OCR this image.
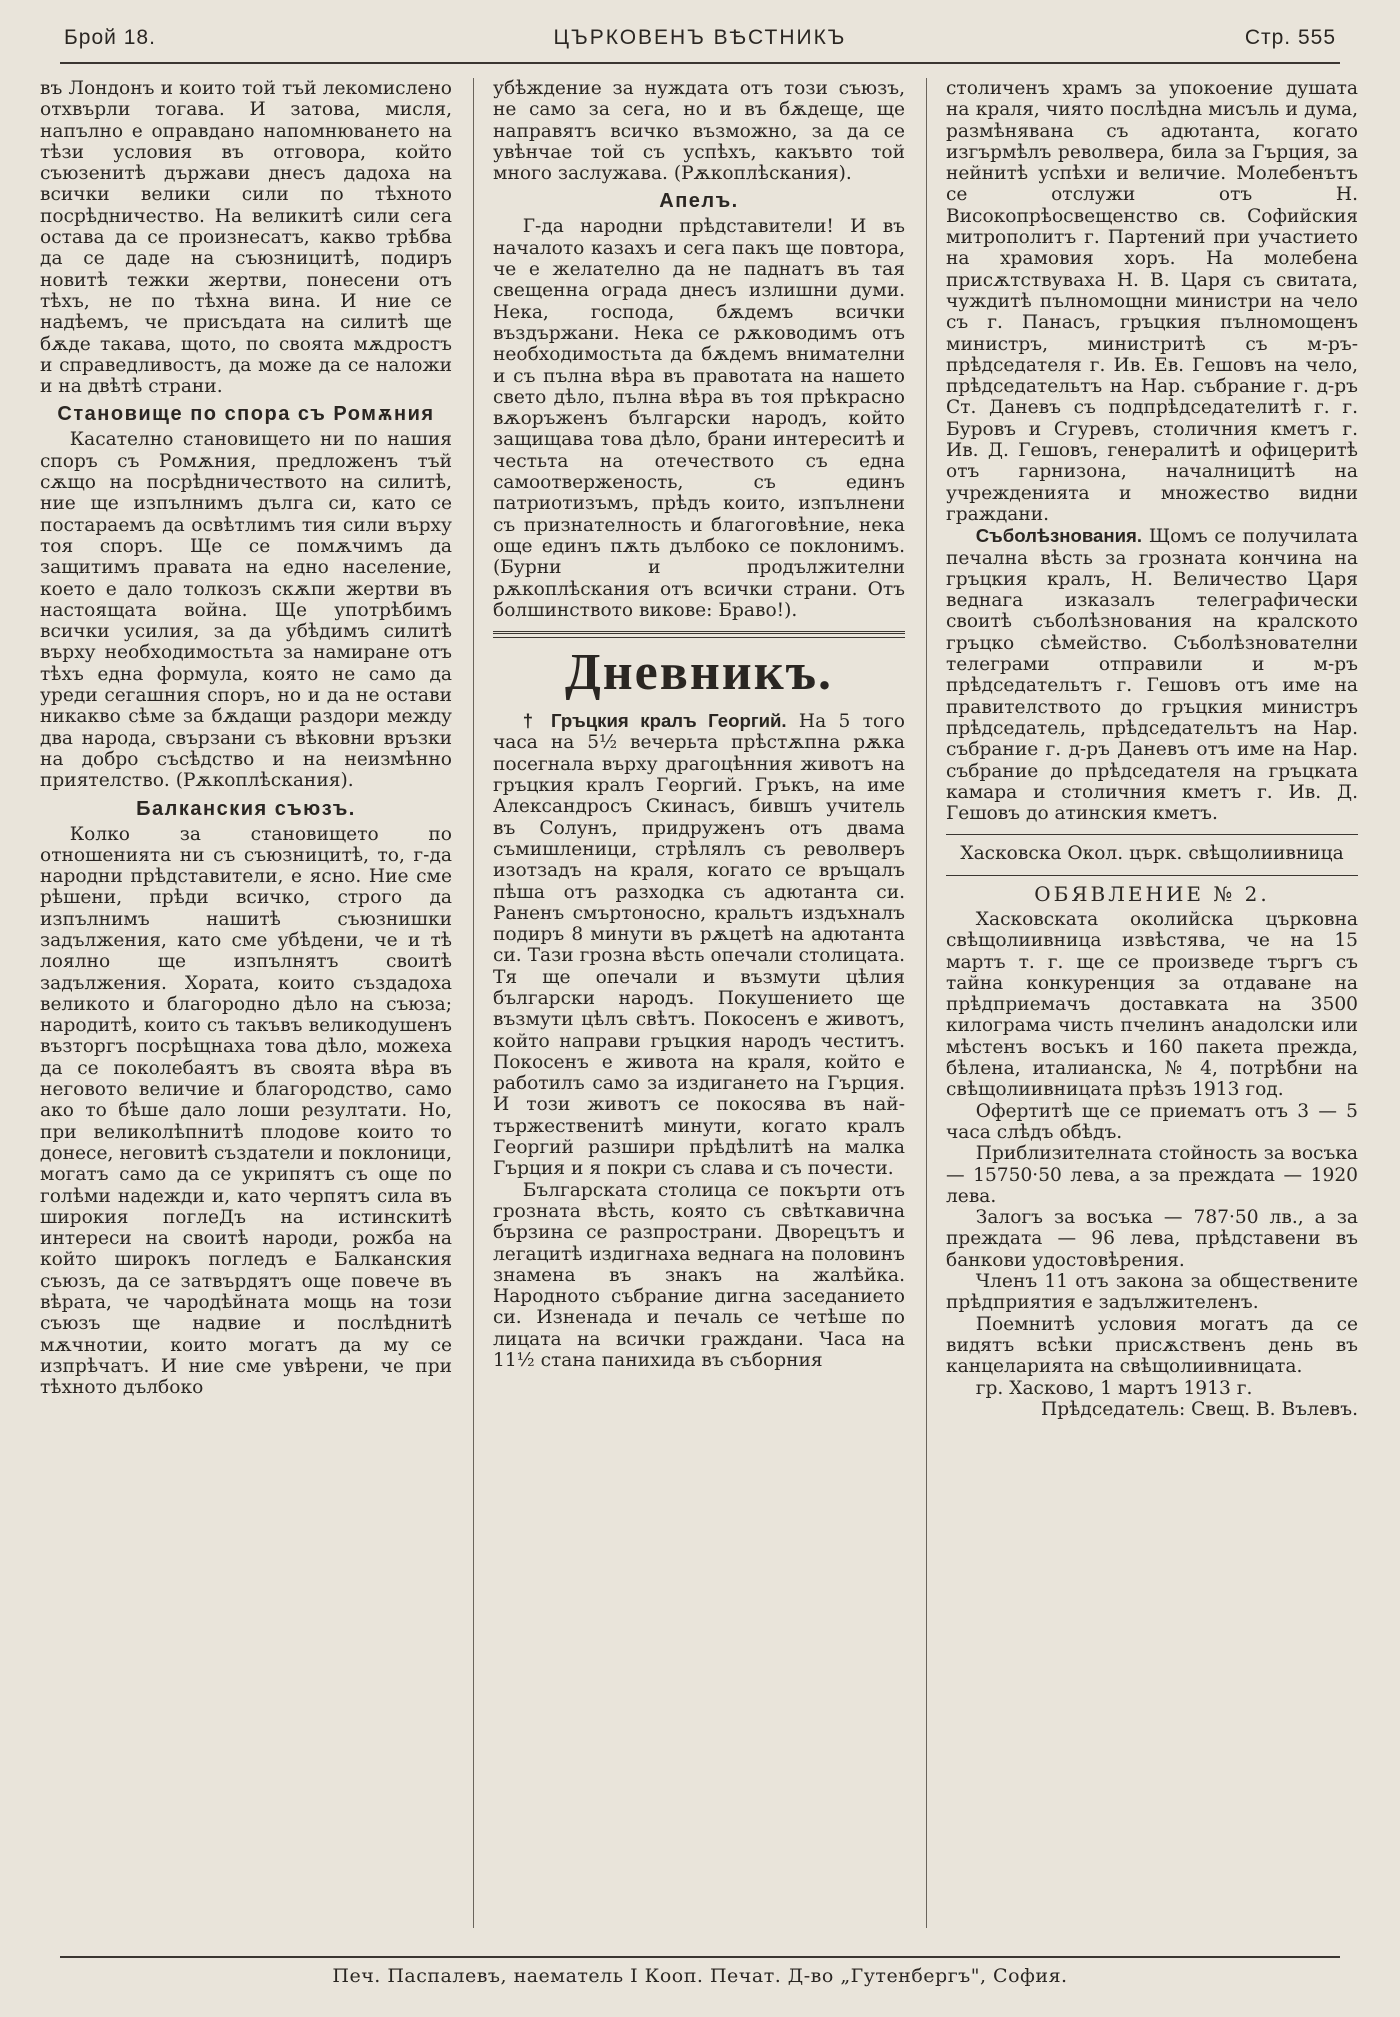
Брой 18.	ЦЪРКОВЕНЪ ВѢСТНИКЪ	Стр. 555

въ Лондонъ и които той тъй лекомислено отхвърли тогава. И затова, мисля, напълно е оправдано напомнюването на тѣзи условия въ отговора, който съюзенитѣ държави днесъ дадоха на всички велики сили по тѣхното посрѣдничество. На великитѣ сили сега остава да се произнесатъ, какво трѣбва да се даде на съюзницитѣ, подиръ новитѣ тежки жертви, понесени отъ тѣхъ, не по тѣхна вина. И ние се надѣемъ, че присъдата на силитѣ ще бѫде такава, щото, по своята мѫдростъ и справедливостъ, да може да се наложи и на двѣтѣ страни.

Становище по спора съ Ромѫния

Касателно становището ни по нашия споръ съ Ромѫния, предложенъ тъй сѫщо на посрѣдничеството на силитѣ, ние ще изпълнимъ дълга си, като се постараемъ да освѣтлимъ тия сили върху тоя споръ. Ще се помѫчимъ да защитимъ правата на едно население, което е дало толкозъ скѫпи жертви въ настоящата война. Ще употрѣбимъ всички усилия, за да убѣдимъ силитѣ върху необходимостьта за намиране отъ тѣхъ една формула, която не само да уреди сегашния споръ, но и да не остави никакво сѣме за бѫдащи раздори между два народа, свързани съ вѣковни връзки на добро съсѣдство и на неизмѣнно приятелство. (Рѫкоплѣскания).

Балканския съюзъ.

Колко за становището по отношенията ни съ съюзницитѣ, то, г-да народни прѣдставители, е ясно. Ние сме рѣшени, прѣди всичко, строго да изпълнимъ нашитѣ съюзнишки задължения, като сме убѣдени, че и тѣ лоялно ще изпълнятъ своитѣ задължения. Хората, които създадоха великото и благородно дѣло на съюза; народитѣ, които съ такъвъ великодушенъ възторгъ посрѣщнаха това дѣло, можеха да се поколебаятъ въ своята вѣра въ неговото величие и благородство, само ако то бѣше дало лоши резултати. Но, при великолѣпнитѣ плодове които то донесе, неговитѣ създатели и поклоници, могатъ само да се укрипятъ съ още по голѣми надежди и, като черпятъ сила въ широкия поглеДъ на истинскитѣ интереси на своитѣ народи, рожба на който широкъ погледъ е Балканския съюзъ, да се затвърдятъ още повече въ вѣрата, че чародѣйната мощь на този съюзъ ще надвие и послѣднитѣ мѫчнотии, които могатъ да му се изпрѣчатъ. И ние сме увѣрени, че при тѣхното дълбоко

убѣждение за нуждата отъ този съюзъ, не само за сега, но и въ бѫдеще, ще направятъ всичко възможно, за да се увѣнчае той съ успѣхъ, какъвто той много заслужава. (Рѫкоплѣскания).

Апелъ.

Г-да народни прѣдставители! И въ началото казахъ и сега пакъ ще повтора, че е желателно да не паднатъ въ тая свещенна ограда днесъ излишни думи. Нека, господа, бѫдемъ всички въздържани. Нека се рѫководимъ отъ необходимостьта да бѫдемъ внимателни и съ пълна вѣра въ правотата на нашето свето дѣло, пълна вѣра въ тоя прѣкрасно вѫоръженъ български народъ, който защищава това дѣло, брани интереситѣ и честьта на отечеството съ една самоотверженость, съ единъ патриотизъмъ, прѣдъ които, изпълнени съ признателность и благоговѣние, нека още единъ пѫть дълбоко се поклонимъ. (Бурни и продължителни рѫкоплѣскания отъ всички страни. Отъ болшинството викове: Браво!).

Дневникъ.

† Гръцкия кралъ Георгий. На 5 того часа на 5½ вечерьта прѣстѫпна рѫка посегнала върху драгоцѣнния животъ на гръцкия кралъ Георгий. Гръкъ, на име Александросъ Скинасъ, бившъ учитель въ Солунъ, придруженъ отъ двама съмишленици, стрѣлялъ съ револверъ изотзадъ на краля, когато се връщалъ пѣша отъ разходка съ адютанта си. Раненъ смъртоносно, кральтъ издъхналъ подиръ 8 минути въ рѫцетѣ на адютанта си. Тази грозна вѣсть опечали столицата. Тя ще опечали и възмути цѣлия български народъ. Покушението ще възмути цѣлъ свѣтъ. Покосенъ е животъ, който направи гръцкия народъ честитъ. Покосенъ е живота на краля, който е работилъ само за издигането на Гърция. И този животъ се покосява въ най-тържественитѣ минути, когато кралъ Георгий разшири прѣдѣлитѣ на малка Гърция и я покри съ слава и съ почести.

Българската столица се покърти отъ грозната вѣсть, която съ свѣткавична бързина се разпространи. Дворецътъ и легацитѣ издигнаха веднага на половинъ знамена въ знакъ на жалѣйка. Народното събрание дигна заседанието си. Изненада и печаль се четѣше по лицата на всички граждани. Часа на 11½ стана панихида въ съборния

столиченъ храмъ за упокоение душата на краля, чиято послѣдна мисъль и дума, размѣнявана съ адютанта, когато изгърмѣлъ револвера, била за Гърция, за нейнитѣ успѣхи и величие. Молебенътъ се отслужи отъ Н. Високопрѣосвещенство св. Софийския митрополитъ г. Партений при участието на храмовия хоръ. На молебена присѫтствуваха Н. В. Царя съ свитата, чуждитѣ пълномощни министри на чело съ г. Панасъ, гръцкия пълномощенъ министръ, министритѣ съ м-ръ-прѣдседателя г. Ив. Ев. Гешовъ на чело, прѣдседательтъ на Нар. събрание г. д-ръ Ст. Даневъ съ подпрѣдседателитѣ г. г. Буровъ и Сгуревъ, столичния кметъ г. Ив. Д. Гешовъ, генералитѣ и офицеритѣ отъ гарнизона, началницитѣ на учрежденията и множество видни граждани.

Съболѣзнования. Щомъ се получилата печална вѣсть за грозната кончина на гръцкия кралъ, Н. Величество Царя веднага изказалъ телеграфически своитѣ съболѣзнования на кралското гръцко сѣмейство. Съболѣзнователни телеграми отправили и м-ръ прѣдседательтъ г. Гешовъ отъ име на правителството до гръцкия министръ прѣдседатель, прѣдседательтъ на Нар. събрание г. д-ръ Даневъ отъ име на Нар. събрание до прѣдседателя на гръцката камара и столичния кметъ г. Ив. Д. Гешовъ до атинския кметъ.

Хасковска Окол. църк. свѣщолиивница

ОБЯВЛЕНИЕ № 2.

Хасковската околийска църковна свѣщолиивница извѣстява, че на 15 мартъ т. г. ще се произведе търгъ съ тайна конкуренция за отдаване на прѣдприемачъ доставката на 3500 килограма чисть пчелинъ анадолски или мѣстенъ восъкъ и 160 пакета прежда, бѣлена, италианска, № 4, потрѣбни на свѣщолиивницата прѣзъ 1913 год.

Офертитѣ ще се приематъ отъ 3 — 5 часа слѣдъ обѣдъ.

Приблизителната стойность за восъка — 15750·50 лева, а за преждата — 1920 лева.

Залогъ за восъка — 787·50 лв., а за преждата — 96 лева, прѣдставени въ банкови удостовѣрения.

Членъ 11 отъ закона за обществените прѣдприятия е задължителенъ.

Поемнитѣ условия могатъ да се видятъ всѣки присѫственъ день въ канцеларията на свѣщолиивницата.

гр. Хасково, 1 мартъ 1913 г.

Прѣдседатель: Свещ. В. Вълевъ.

Печ. Паспалевъ, наематель I Кооп. Печат. Д-во „Гутенбергъ", София.
